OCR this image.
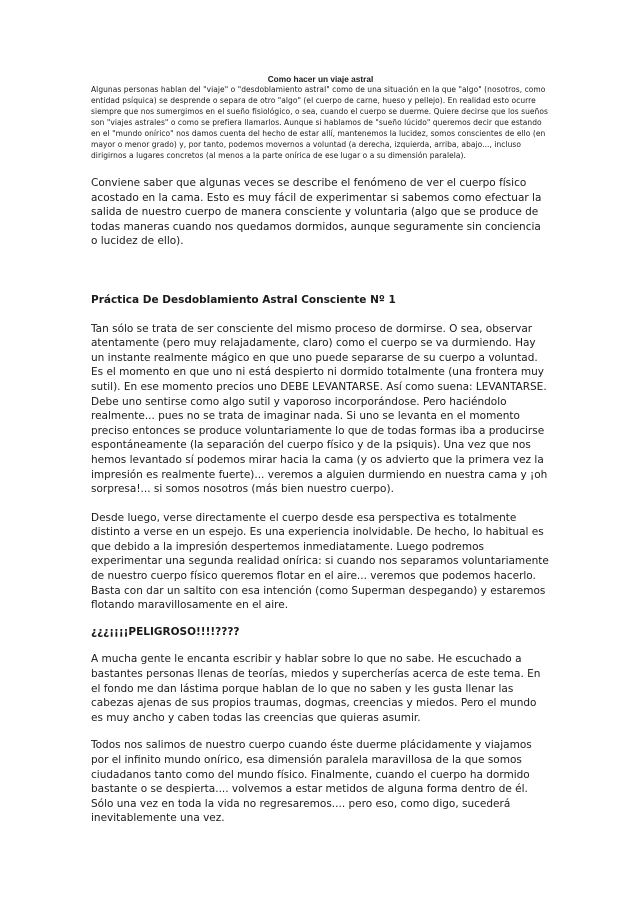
Como hacer un viaje astral

Algunas personas hablan del "viaje" o "desdoblamiento astral" como de una situación en la que "algo" (nosotros, como entidad psíquica) se desprende o separa de otro "algo" (el cuerpo de carne, hueso y pellejo). En realidad esto ocurre siempre que nos sumergimos en el sueño fisiológico, o sea, cuando el cuerpo se duerme. Quiere decirse que los sueños son "viajes astrales" o como se prefiera llamarlos. Aunque si hablamos de "sueño lúcido" queremos decir que estando en el "mundo onírico" nos damos cuenta del hecho de estar allí, mantenemos la lucidez, somos conscientes de ello (en mayor o menor grado) y, por tanto, podemos movernos a voluntad (a derecha, izquierda, arriba, abajo..., incluso dirigirnos a lugares concretos (al menos a la parte onírica de ese lugar o a su dimensión paralela).

Conviene saber que algunas veces se describe el fenómeno de ver el cuerpo físico acostado en la cama. Esto es muy fácil de experimentar si sabemos como efectuar la salida de nuestro cuerpo de manera consciente y voluntaria (algo que se produce de todas maneras cuando nos quedamos dormidos, aunque seguramente sin conciencia o lucidez de ello).

Práctica De Desdoblamiento Astral Consciente Nº 1

Tan sólo se trata de ser consciente del mismo proceso de dormirse. O sea, observar atentamente (pero muy relajadamente, claro) como el cuerpo se va durmiendo. Hay un instante realmente mágico en que uno puede separarse de su cuerpo a voluntad. Es el momento en que uno ni está despierto ni dormido totalmente (una frontera muy sutil). En ese momento precios uno DEBE LEVANTARSE. Así como suena: LEVANTARSE. Debe uno sentirse como algo sutil y vaporoso incorporándose. Pero haciéndolo realmente... pues no se trata de imaginar nada. Si uno se levanta en el momento preciso entonces se produce voluntariamente lo que de todas formas iba a producirse espontáneamente (la separación del cuerpo físico y de la psiquis). Una vez que nos hemos levantado sí podemos mirar hacia la cama (y os advierto que la primera vez la impresión es realmente fuerte)... veremos a alguien durmiendo en nuestra cama y ¡oh sorpresa!... si somos nosotros (más bien nuestro cuerpo).

Desde luego, verse directamente el cuerpo desde esa perspectiva es totalmente distinto a verse en un espejo. Es una experiencia inolvidable. De hecho, lo habitual es que debido a la impresión despertemos inmediatamente. Luego podremos experimentar una segunda realidad onírica: si cuando nos separamos voluntariamente de nuestro cuerpo físico queremos flotar en el aire... veremos que podemos hacerlo. Basta con dar un saltito con esa intención (como Superman despegando) y estaremos flotando maravillosamente en el aire.

¿¿¿¡¡¡¡PELIGROSO!!!!????

A mucha gente le encanta escribir y hablar sobre lo que no sabe. He escuchado a bastantes personas llenas de teorías, miedos y supercherías acerca de este tema. En el fondo me dan lástima porque hablan de lo que no saben y les gusta llenar las cabezas ajenas de sus propios traumas, dogmas, creencias y miedos. Pero el mundo es muy ancho y caben todas las creencias que quieras asumir.

Todos nos salimos de nuestro cuerpo cuando éste duerme plácidamente y viajamos por el infinito mundo onírico, esa dimensión paralela maravillosa de la que somos ciudadanos tanto como del mundo físico. Finalmente, cuando el cuerpo ha dormido bastante o se despierta.... volvemos a estar metidos de alguna forma dentro de él. Sólo una vez en toda la vida no regresaremos.... pero eso, como digo, sucederá inevitablemente una vez.
